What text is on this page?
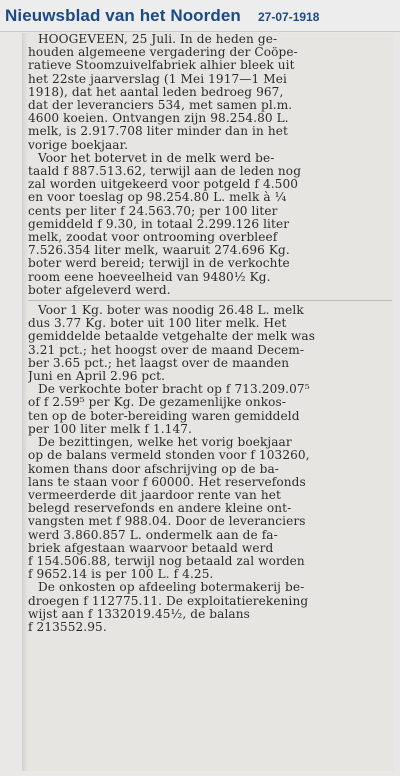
Nieuwsblad van het Noorden 27-07-1918
HOOGEVEEN, 25 Juli. In de heden ge-
houden algemeene vergadering der Coöpe-
ratieve Stoomzuivelfabriek alhier bleek uit
het 22ste jaarverslag (1 Mei 1917—1 Mei
1918), dat het aantal leden bedroeg 967,
dat der leveranciers 534, met samen pl.m.
4600 koeien. Ontvangen zijn 98.254.80 L.
melk, is 2.917.708 liter minder dan in het
vorige boekjaar.
Voor het botervet in de melk werd be-
taald f 887.513.62, terwijl aan de leden nog
zal worden uitgekeerd voor potgeld f 4.500
en voor toeslag op 98.254.80 L. melk à ¼
cents per liter f 24.563.70; per 100 liter
gemiddeld f 9.30, in totaal 2.299.126 liter
melk, zoodat voor ontrooming overbleef
7.526.354 liter melk, waaruit 274.696 Kg.
boter werd bereid; terwijl in de verkochte
room eene hoeveelheid van 9480½ Kg.
boter afgeleverd werd.
Voor 1 Kg. boter was noodig 26.48 L. melk
dus 3.77 Kg. boter uit 100 liter melk. Het
gemiddelde betaalde vetgehalte der melk was
3.21 pct.; het hoogst over de maand Decem-
ber 3.65 pct.; het laagst over de maanden
Juni en April 2.96 pct.
De verkochte boter bracht op f 713.209.07⁵
of f 2.59⁵ per Kg. De gezamenlijke onkos-
ten op de boter-bereiding waren gemiddeld
per 100 liter melk f 1.147.
De bezittingen, welke het vorig boekjaar
op de balans vermeld stonden voor f 103260,
komen thans door afschrijving op de ba-
lans te staan voor f 60000. Het reservefonds
vermeerderde dit jaardoor rente van het
belegd reservefonds en andere kleine ont-
vangsten met f 988.04. Door de leveranciers
werd 3.860.857 L. ondermelk aan de fa-
briek afgestaan waarvoor betaald werd
f 154.506.88, terwijl nog betaald zal worden
f 9652.14 is per 100 L. f 4.25.
De onkosten op afdeeling botermakerij be-
droegen f 112775.11. De exploitatierekening
wijst aan f 1332019.45½, de balans
f 213552.95.
